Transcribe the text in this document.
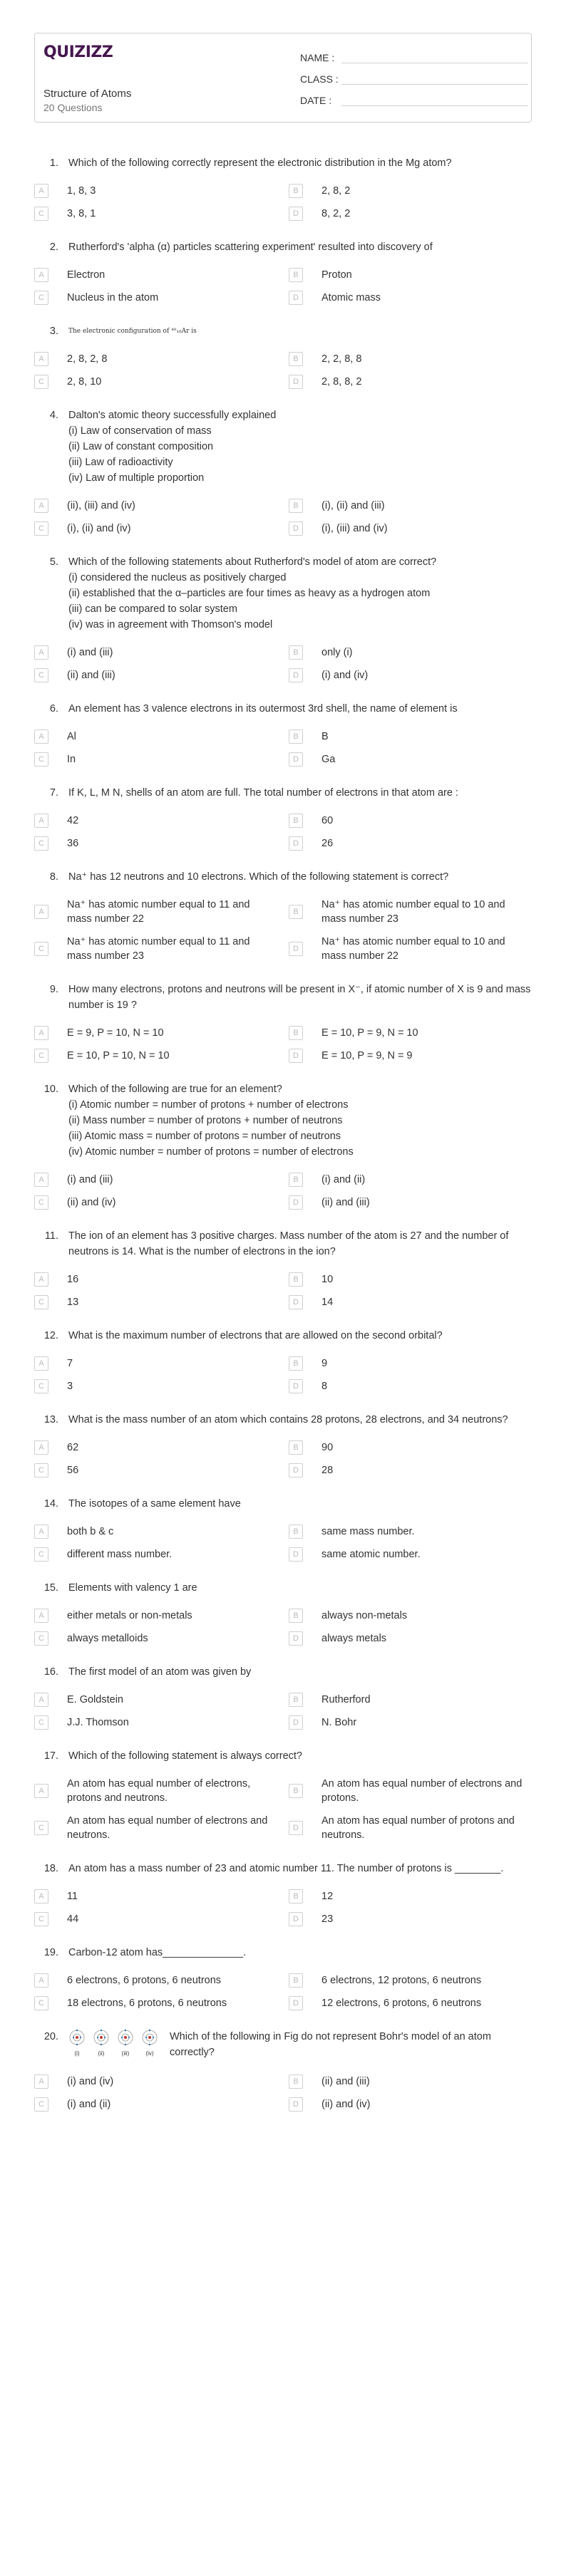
QUIZIZZ
Structure of Atoms
20 Questions
NAME :
CLASS :
DATE :
1. Which of the following correctly represent the electronic distribution in the Mg atom?
A	1, 8, 3	B	2, 8, 2
C	3, 8, 1	D	8, 2, 2
2. Rutherford's 'alpha (α) particles scattering experiment' resulted into discovery of
A	Electron	B	Proton
C	Nucleus in the atom	D	Atomic mass
3.	The electronic configuration of ⁴⁰₁₈Ar is
A	2, 8, 2, 8	B	2, 2, 8, 8
C	2, 8, 10	D	2, 8, 8, 2
4. Dalton's atomic theory successfully explained
(i) Law of conservation of mass
(ii) Law of constant composition
(iii) Law of radioactivity
(iv) Law of multiple proportion
A	(ii), (iii) and (iv)	B	(i), (ii) and (iii)
C	(i), (ii) and (iv)	D	(i), (iii) and (iv)
5. Which of the following statements about Rutherford's model of atom are correct?
(i) considered the nucleus as positively charged
(ii) established that the α–particles are four times as heavy as a hydrogen atom
(iii) can be compared to solar system
(iv) was in agreement with Thomson's model
A	(i) and (iii)	B	only (i)
C	(ii) and (iii)	D	(i) and (iv)
6. An element has 3 valence electrons in its outermost 3rd shell, the name of element is
A	Al	B	B
C	In	D	Ga
7. If K, L, M N, shells of an atom are full. The total number of electrons in that atom are :
A	42	B	60
C	36	D	26
8. Na⁺ has 12 neutrons and 10 electrons. Which of the following statement is correct?
A
Na⁺ has atomic number equal to 11 and mass number 22
B
Na⁺ has atomic number equal to 10 and mass number 23
C
Na⁺ has atomic number equal to 11 and mass number 23
D
Na⁺ has atomic number equal to 10 and mass number 22
9. How many electrons, protons and neutrons will be present in X⁻, if atomic number of X is 9 and mass number is 19 ?
A	E = 9, P = 10, N = 10	B	E = 10, P = 9, N = 10
C	E = 10, P = 10, N = 10	D	E = 10, P = 9, N = 9
10. Which of the following are true for an element?
(i) Atomic number = number of protons + number of electrons
(ii) Mass number = number of protons + number of neutrons
(iii) Atomic mass = number of protons = number of neutrons
(iv) Atomic number = number of protons = number of electrons
A	(i) and (iii)	B	(i) and (ii)
C	(ii) and (iv)	D	(ii) and (iii)
11. The ion of an element has 3 positive charges. Mass number of the atom is 27 and the number of neutrons is 14. What is the number of electrons in the ion?
A	16	B	10
C	13	D	14
12. What is the maximum number of electrons that are allowed on the second orbital?
A	7	B	9
C	3	D	8
13. What is the mass number of an atom which contains 28 protons, 28 electrons, and 34 neutrons?
A	62	B	90
C	56	D	28
14. The isotopes of a same element have
A	both b & c	B	same mass number.
C	different mass number.	D	same atomic number.
15. Elements with valency 1 are
A	either metals or non-metals	B	always non-metals
C	always metalloids	D	always metals
16. The first model of an atom was given by
A	E. Goldstein	B	Rutherford
C	J.J. Thomson	D	N. Bohr
17. Which of the following statement is always correct?
A
An atom has equal number of electrons, protons and neutrons.
B
An atom has equal number of electrons and protons.
C
An atom has equal number of electrons and neutrons.
D
An atom has equal number of protons and neutrons.
18. An atom has a mass number of 23 and atomic number 11. The number of protons is ________.
A	11	B	12
C	44	D	23
19. Carbon-12 atom has______________.
A	6 electrons, 6 protons, 6 neutrons	B	6 electrons, 12 protons, 6 neutrons
C	18 electrons, 6 protons, 6 neutrons	D	12 electrons, 6 protons, 6 neutrons
20.
(i)	(ii)	(iii)	(iv)
Which of the following in Fig do not represent Bohr's model of an atom correctly?
A	(i) and (iv)	B	(ii) and (iii)
C	(i) and (ii)	D	(ii) and (iv)
